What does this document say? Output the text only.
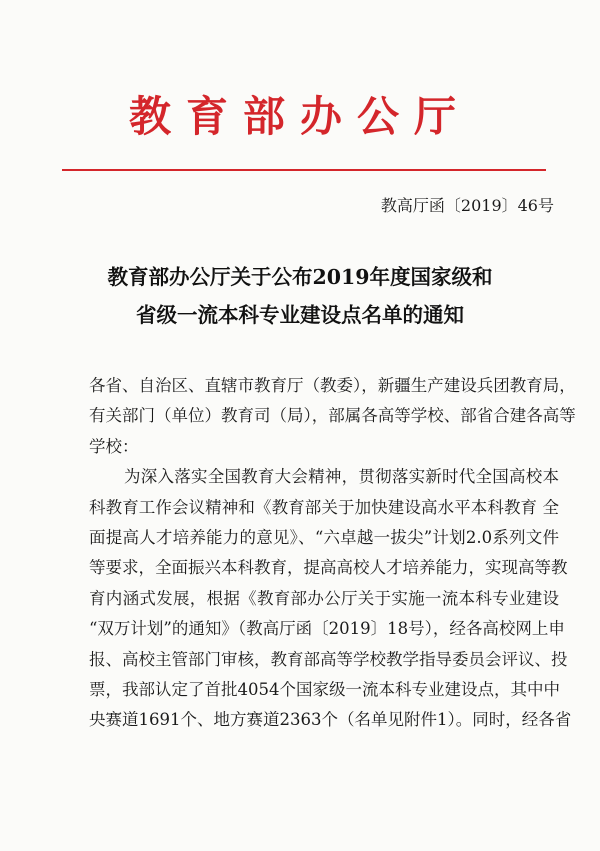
教育部办公厅
教高厅函〔2019〕46号
教育部办公厅关于公布2019年度国家级和
省级一流本科专业建设点名单的通知
各省、自治区、直辖市教育厅（教委），新疆生产建设兵团教育局，
有关部门（单位）教育司（局），部属各高等学校、部省合建各高等
学校：
为深入落实全国教育大会精神，贯彻落实新时代全国高校本
科教育工作会议精神和《教育部关于加快建设高水平本科教育 全
面提高人才培养能力的意见》、“六卓越一拔尖”计划2.0系列文件
等要求，全面振兴本科教育，提高高校人才培养能力，实现高等教
育内涵式发展，根据《教育部办公厅关于实施一流本科专业建设
“双万计划”的通知》（教高厅函〔2019〕18号），经各高校网上申
报、高校主管部门审核，教育部高等学校教学指导委员会评议、投
票，我部认定了首批4054个国家级一流本科专业建设点，其中中
央赛道1691个、地方赛道2363个（名单见附件1）。同时，经各省
